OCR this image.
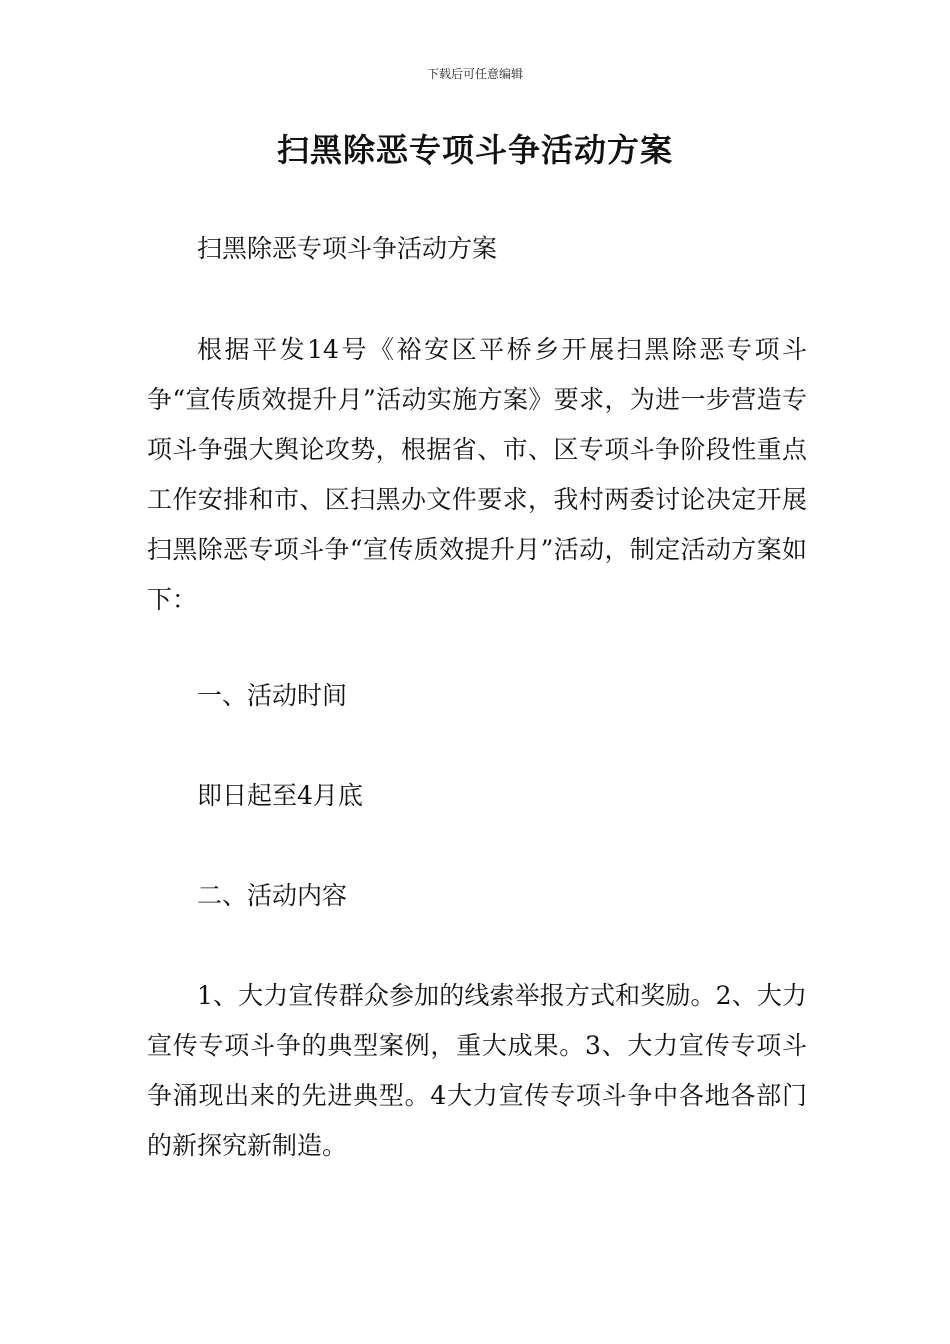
下载后可任意编辑
扫黑除恶专项斗争活动方案

扫黑除恶专项斗争活动方案

根据平发14号《裕安区平桥乡开展扫黑除恶专项斗争“宣传质效提升月”活动实施方案》要求，为进一步营造专项斗争强大舆论攻势，根据省、市、区专项斗争阶段性重点工作安排和市、区扫黑办文件要求，我村两委讨论决定开展扫黑除恶专项斗争“宣传质效提升月”活动，制定活动方案如下：

一、活动时间

即日起至4月底

二、活动内容

1、大力宣传群众参加的线索举报方式和奖励。2、大力宣传专项斗争的典型案例，重大成果。3、大力宣传专项斗争涌现出来的先进典型。4大力宣传专项斗争中各地各部门的新探究新制造。
